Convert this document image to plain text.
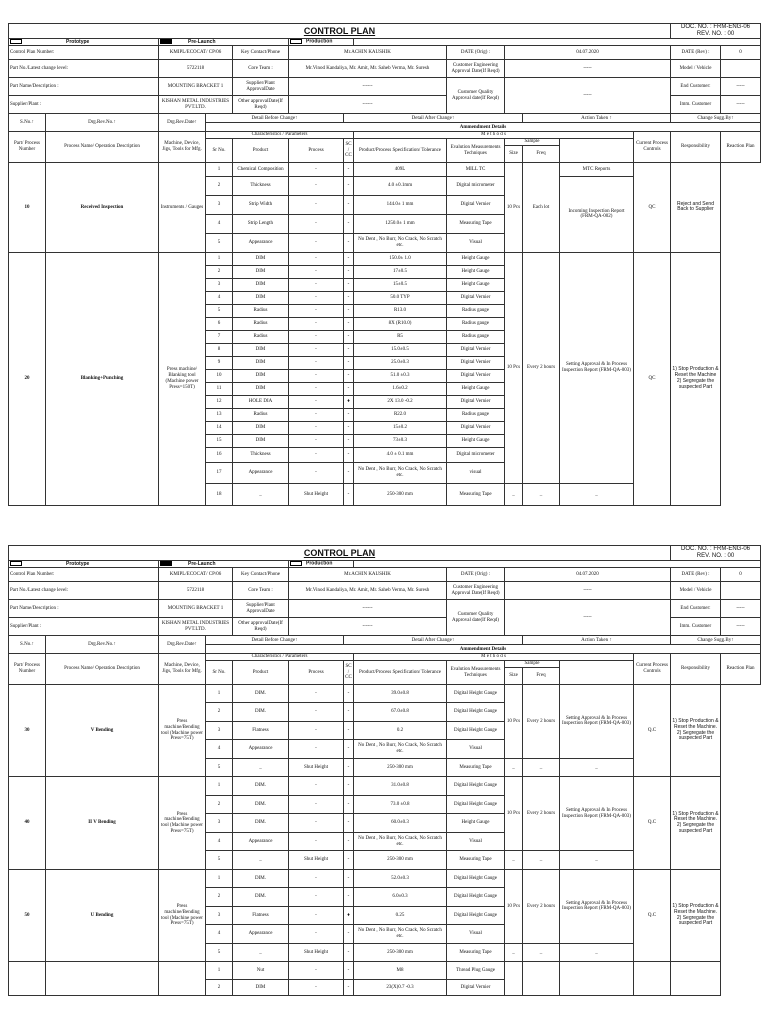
CONTROL PLAN													DOC. NO. : FRM-ENG-06
REV. NO. : 00	

Prototype		Pre-Launch			Production									
Control Plan Number:		KMIPL/ECOCAT/ CP/06		Key Contact/Phone	Mr.ACHIN KAUSHIK			DATE (Orig) :	04.07.2020				DATE (Rev) :	0
Part No./Latest change level:		5722118		Core Team :	Mr.Vinod Kandaliya, Mr. Amit, Mr. Saheb Verma, Mr. Suresh			Customer Engineering Approval Date(If Reqd)	-----				Model / Vehicle	
Part Name/Description :		MOUNTING BRACKET 1		Supplier/Plant ApprovalDate	------			Customer Quality Approval date(If Reqd)	-----				End Customer:	-----
Supplier/Plant :		KISHAN METAL INDUSTRIES PVT.LTD.		Other approvalDate(If Reqd)	------								Imm. Customer	-----
S.No.↑	Drg.Rev.No.↑	Drg.Rev.Date↑	Detail Before Change↑			Detail After Change↑				Action Taken ↑			Change Sugg.By↑	
			Ammendment Details											
Part/ Process Number	Process Name/ Operation Description	Machine, Device, Jigs, Tools for Mfg.	Characteristics / Parameters				M e t h o d s					Current Process Controls	Responsibility	Reaction Plan
			Sr No.	Product	Process	SC/ CC	Product/Process Specification/ Tolerance	Evalution Measurements Techniques	Sample					
									Size	Freq				
10	Received Inspection	Instruments / Gauges	1	Chemical Composition	-	-	409L	MILL TC	10 Pcs	Each lot	MTC Reports	QC	Reject and Send Back to Supplier	
			2	Thickness	-	-	4.0 ±0.1mm	Digital micrometer			Incoming Inspection Report (FRM-QA-002)			
			3	Strip Width	-	-	144.0± 1 mm	Digital Vernier						
			4	Strip Length	-	-	1250.0± 1 mm	Measuring Tape						
			5	Appearance	-	-	No Dent , No Burr, No Crack, No Scratch etc.	Visual						
20	Blanking+Punching	Press machine/ Blanking tool (Machine power Press=150T)	1	DIM	-	-	150.0± 1.0	Height Gauge	10 Pcs	Every 2 hours	Setting Approval & In Process Inspection Report (FRM-QA-003)	QC	1) Stop Production & Reset the Machine 2) Segregate the suspected Part	
			2	DIM	-	-	17±0.5	Height Gauge						
			3	DIM	-	-	15±0.5	Height Gauge						
			4	DIM	-	-	50.0 TYP	Digital Vernier						
			5	Radius	-	-	R13.0	Radius gauge						
			6	Radius	-	-	8X (R10.0)	Radius gauge						
			7	Radius	-	-	R5	Radius gauge						
			8	DIM	-	-	15.0±0.5	Digital Vernier						
			9	DIM	-	-	25.0±0.3	Digital Vernier						
			10	DIM	-	-	51.0 ±0.3	Digital Vernier						
			11	DIM	-	-	1.6±0.2	Height Gauge						
			12	HOLE DIA	-	♦	2X 13.0 -0.2	Digital Vernier						
			13	Radius	-	-	R22.0	Radius gauge						
			14	DIM	-	-	15±0.2	Digital Vernier						
			15	DIM	-	-	73±0.3	Height Gauge						
			16	Thickness	-	-	4.0 ± 0.1 mm	Digital micrometer						
			17	Appearance	-	-	No Dent , No Burr, No Crack, No Scratch etc.	visual						
			18	_	Shut Height	-	250-300 mm	Measuring Tape	_	_	_			
CONTROL PLAN													DOC. NO. : FRM-ENG-06
REV. NO. : 00	

Prototype		Pre-Launch			Production									
Control Plan Number:		KMIPL/ECOCAT/ CP/06		Key Contact/Phone	Mr.ACHIN KAUSHIK			DATE (Orig) :	04.07.2020				DATE (Rev) :	0
Part No./Latest change level:		5722118		Core Team :	Mr.Vinod Kandaliya, Mr. Amit, Mr. Saheb Verma, Mr. Suresh			Customer Engineering Approval Date(If Reqd)	-----				Model / Vehicle	
Part Name/Description :		MOUNTING BRACKET 1		Supplier/Plant ApprovalDate	------			Customer Quality Approval date(If Reqd)	-----				End Customer:	-----
Supplier/Plant :		KISHAN METAL INDUSTRIES PVT.LTD.		Other approvalDate(If Reqd)	------								Imm. Customer	-----
S.No.↑	Drg.Rev.No.↑	Drg.Rev.Date↑	Detail Before Change↑			Detail After Change↑				Action Taken ↑			Change Sugg.By↑	
			Ammendment Details											
Part/ Process Number	Process Name/ Operation Description	Machine, Device, Jigs, Tools for Mfg.	Characteristics / Parameters				M e t h o d s					Current Process Controls	Responsibility	Reaction Plan
			Sr No.	Product	Process	SC/ CC	Product/Process Specification/ Tolerance	Evalution Measurements Techniques	Sample					
									Size	Freq				
30	V Bending	Press machine/Bending tool (Machine power Press=75T)	1	DIM.	-	-	39.0±0.8	Digital Height Gauge	10 Pcs	Every 2 hours	Setting Approval & In Process Inspection Report (FRM-QA-003)	Q.C	1) Stop Production & Reset the Machine. 2) Segregate the suspected Part	
			2	DIM.	-	-	67.0±0.8	Digital Height Gauge						
			3	Flatness	-	-	0.2	Digital Height Gauge						
			4	Appearance	-	-	No Dent , No Burr, No Crack, No Scratch etc.	Visual						
			5	_	Shut Height	-	250-300 mm	Measuring Tape	_	_	_			
40	II V Bending	Press machine/Bending tool (Machine power Press=75T)	1	DIM.	-	-	31.0±0.8	Digital Height Gauge	10 Pcs	Every 2 hours	Setting Approval & In Process Inspection Report (FRM-QA-003)	Q.C	1) Stop Production & Reset the Machine. 2) Segregate the suspected Part	
			2	DIM.	-	-	73.0 ±0.8	Digital Height Gauge						
			3	DIM.	-	-	60.0±0.3	Height Gauge						
			4	Appearance	-	-	No Dent , No Burr, No Crack, No Scratch etc.	Visual						
			5	_	Shut Height	-	250-300 mm	Measuring Tape	_	_	_			
50	U Bending	Press machine/Bending tool (Machine power Press=75T)	1	DIM.	-	-	52.0±0.3	Digital Height Gauge	10 Pcs	Every 2 hours	Setting Approval & In Process Inspection Report (FRM-QA-003)	Q.C	1) Stop Production & Reset the Machine. 2) Segregate the suspected Part	
			2	DIM.	-	-	6.0±0.3	Digital Height Gauge						
			3	Flatness	-	♦	0.25	Digital Height Gauge						
			4	Appearance	-	-	No Dent , No Burr, No Crack, No Scratch etc.	Visual						
			5	_	Shut Height	-	250-300 mm	Measuring Tape	_	_	_			
			1	Nut	-	-	M8	Thread Plug Gauge						
			2	DIM	-	-	23(X)0.7 -0.3	Digital Vernier						
